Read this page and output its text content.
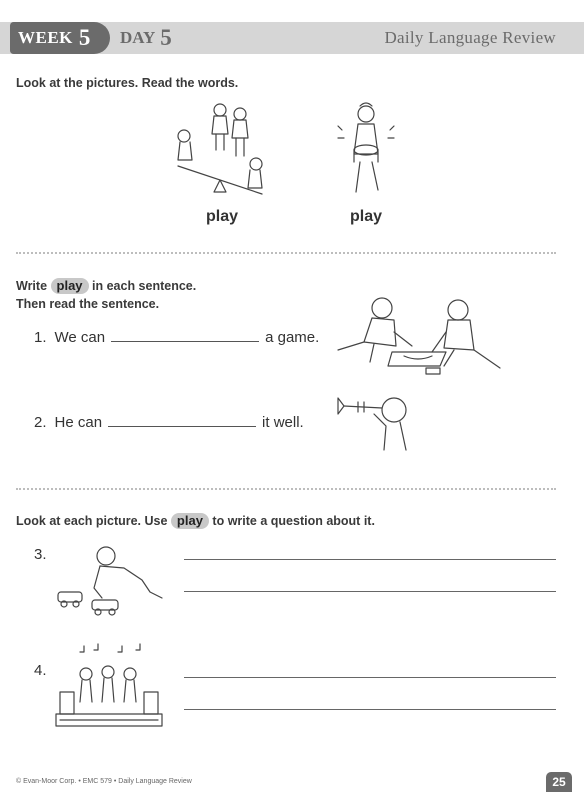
WEEK 5 DAY 5	Daily Language Review
Look at the pictures. Read the words.
play	play
Write play in each sentence.
Then read the sentence.
1. We can	a game.
2. He can	it well.
Look at each picture. Use play to write a question about it.
3.
4.
© Evan-Moor Corp. • EMC 579 • Daily Language Review	25
